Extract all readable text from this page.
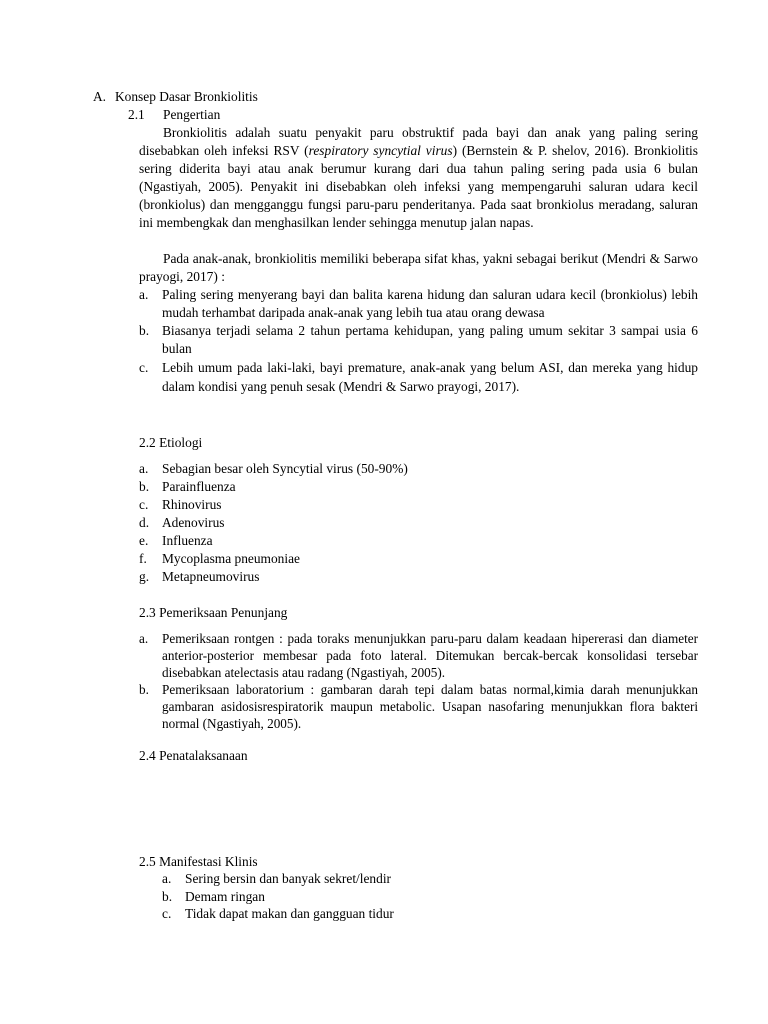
A. Konsep Dasar Bronkiolitis
2.1 Pengertian

Bronkiolitis adalah suatu penyakit paru obstruktif pada bayi dan anak yang paling sering disebabkan oleh infeksi RSV (respiratory syncytial virus) (Bernstein & P. shelov, 2016). Bronkiolitis sering diderita bayi atau anak berumur kurang dari dua tahun paling sering pada usia 6 bulan (Ngastiyah, 2005). Penyakit ini disebabkan oleh infeksi yang mempengaruhi saluran udara kecil (bronkiolus) dan mengganggu fungsi paru-paru penderitanya. Pada saat bronkiolus meradang, saluran ini membengkak dan menghasilkan lender sehingga menutup jalan napas.

Pada anak-anak, bronkiolitis memiliki beberapa sifat khas, yakni sebagai berikut (Mendri & Sarwo prayogi, 2017) :

a. Paling sering menyerang bayi dan balita karena hidung dan saluran udara kecil (bronkiolus) lebih mudah terhambat daripada anak-anak yang lebih tua atau orang dewasa
b. Biasanya terjadi selama 2 tahun pertama kehidupan, yang paling umum sekitar 3 sampai usia 6 bulan
c. Lebih umum pada laki-laki, bayi premature, anak-anak yang belum ASI, dan mereka yang hidup dalam kondisi yang penuh sesak (Mendri & Sarwo prayogi, 2017).
2.2 Etiologi
a. Sebagian besar oleh Syncytial virus (50-90%)
b. Parainfluenza
c. Rhinovirus
d. Adenovirus
e. Influenza
f. Mycoplasma pneumoniae
g. Metapneumovirus
2.3 Pemeriksaan Penunjang
a. Pemeriksaan rontgen : pada toraks menunjukkan paru-paru dalam keadaan hipererasi dan diameter anterior-posterior membesar pada foto lateral. Ditemukan bercak-bercak konsolidasi tersebar disebabkan atelectasis atau radang (Ngastiyah, 2005).
b. Pemeriksaan laboratorium : gambaran darah tepi dalam batas normal,kimia darah menunjukkan gambaran asidosisrespiratorik maupun metabolic. Usapan nasofaring menunjukkan flora bakteri normal (Ngastiyah, 2005).
2.4 Penatalaksanaan
2.5 Manifestasi Klinis
a. Sering bersin dan banyak sekret/lendir
b. Demam ringan
c. Tidak dapat makan dan gangguan tidur
